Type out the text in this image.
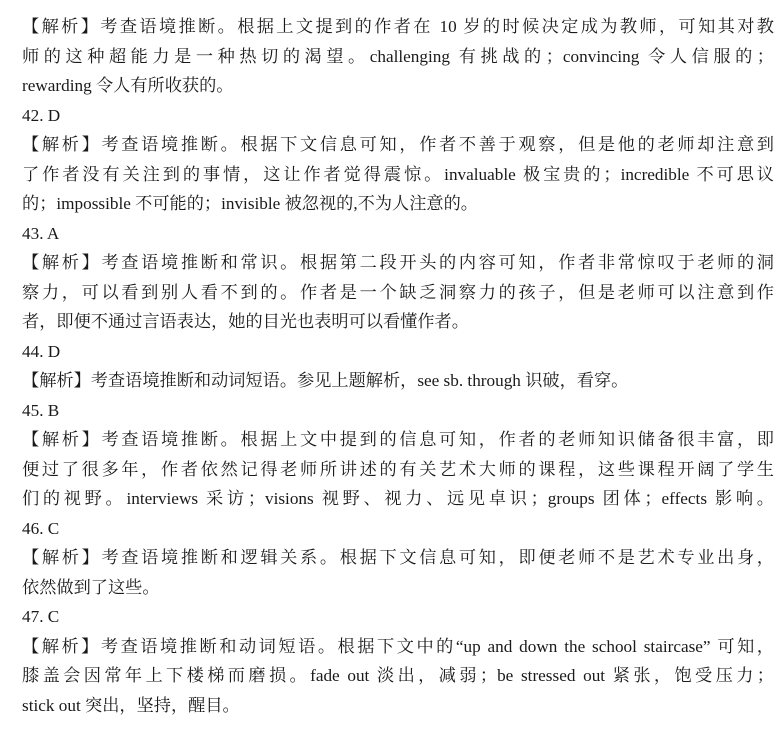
【解析】考查语境推断。根据上文提到的作者在 10 岁的时候决定成为教师，可知其对教
师的这种超能力是一种热切的渴望。challenging 有挑战的；convincing 令人信服的；
rewarding 令人有所收获的。
42. D
【解析】考查语境推断。根据下文信息可知，作者不善于观察，但是他的老师却注意到
了作者没有关注到的事情，这让作者觉得震惊。invaluable 极宝贵的；incredible 不可思议
的；impossible 不可能的；invisible 被忽视的,不为人注意的。
43. A
【解析】考查语境推断和常识。根据第二段开头的内容可知，作者非常惊叹于老师的洞
察力，可以看到别人看不到的。作者是一个缺乏洞察力的孩子，但是老师可以注意到作
者，即便不通过言语表达，她的目光也表明可以看懂作者。
44. D
【解析】考查语境推断和动词短语。参见上题解析，see sb. through 识破，看穿。
45. B
【解析】考查语境推断。根据上文中提到的信息可知，作者的老师知识储备很丰富，即
便过了很多年，作者依然记得老师所讲述的有关艺术大师的课程，这些课程开阔了学生
们的视野。interviews 采访；visions 视野、视力、远见卓识；groups 团体；effects 影响。
46. C
【解析】考查语境推断和逻辑关系。根据下文信息可知，即便老师不是艺术专业出身，
依然做到了这些。
47. C
【解析】考查语境推断和动词短语。根据下文中的“up and down the school staircase” 可知，
膝盖会因常年上下楼梯而磨损。fade out 淡出，减弱；be stressed out 紧张，饱受压力；
stick out 突出，坚持，醒目。
